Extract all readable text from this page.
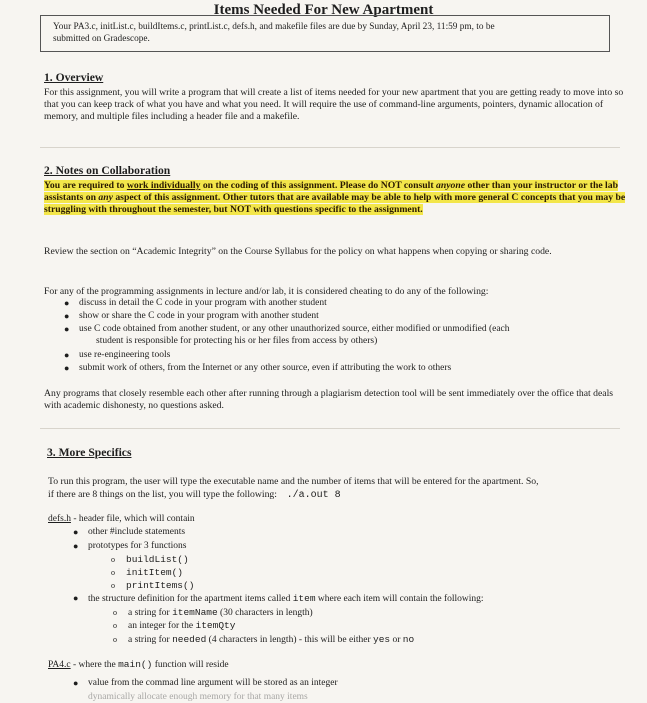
Items Needed For New Apartment
Your PA3.c, initList.c, buildItems.c, printList.c, defs.h, and makefile files are due by Sunday, April 23, 11:59 pm, to be
submitted on Gradescope.
1. Overview
For this assignment, you will write a program that will create a list of items needed for your new apartment that you are getting ready to move into so that you can keep track of what you have and what you need. It will require the use of command-line arguments, pointers, dynamic allocation of memory, and multiple files including a header file and a makefile.
2. Notes on Collaboration
You are required to work individually on the coding of this assignment. Please do NOT consult anyone other than your instructor or the lab assistants on any aspect of this assignment. Other tutors that are available may be able to help with more general C concepts that you may be struggling with throughout the semester, but NOT with questions specific to the assignment.
Review the section on “Academic Integrity” on the Course Syllabus for the policy on what happens when copying or sharing code.
For any of the programming assignments in lecture and/or lab, it is considered cheating to do any of the following:
● discuss in detail the C code in your program with another student
● show or share the C code in your program with another student
● use C code obtained from another student, or any other unauthorized source, either modified or unmodified (each
student is responsible for protecting his or her files from access by others)
● use re-engineering tools
● submit work of others, from the Internet or any other source, even if attributing the work to others
Any programs that closely resemble each other after running through a plagiarism detection tool will be sent immediately over the office that deals with academic dishonesty, no questions asked.
3. More Specifics
To run this program, the user will type the executable name and the number of items that will be entered for the apartment. So,
if there are 8 things on the list, you will type the following: ./a.out 8
defs.h - header file, which will contain
● other #include statements
● prototypes for 3 functions
o buildList()
o initItem()
o printItems()
● the structure definition for the apartment items called item where each item will contain the following:
o a string for itemName (30 characters in length)
o an integer for the itemQty
o a string for needed (4 characters in length) - this will be either yes or no
PA4.c - where the main() function will reside
● value from the commad line argument will be stored as an integer
dynamically allocate enough memory for that many items
